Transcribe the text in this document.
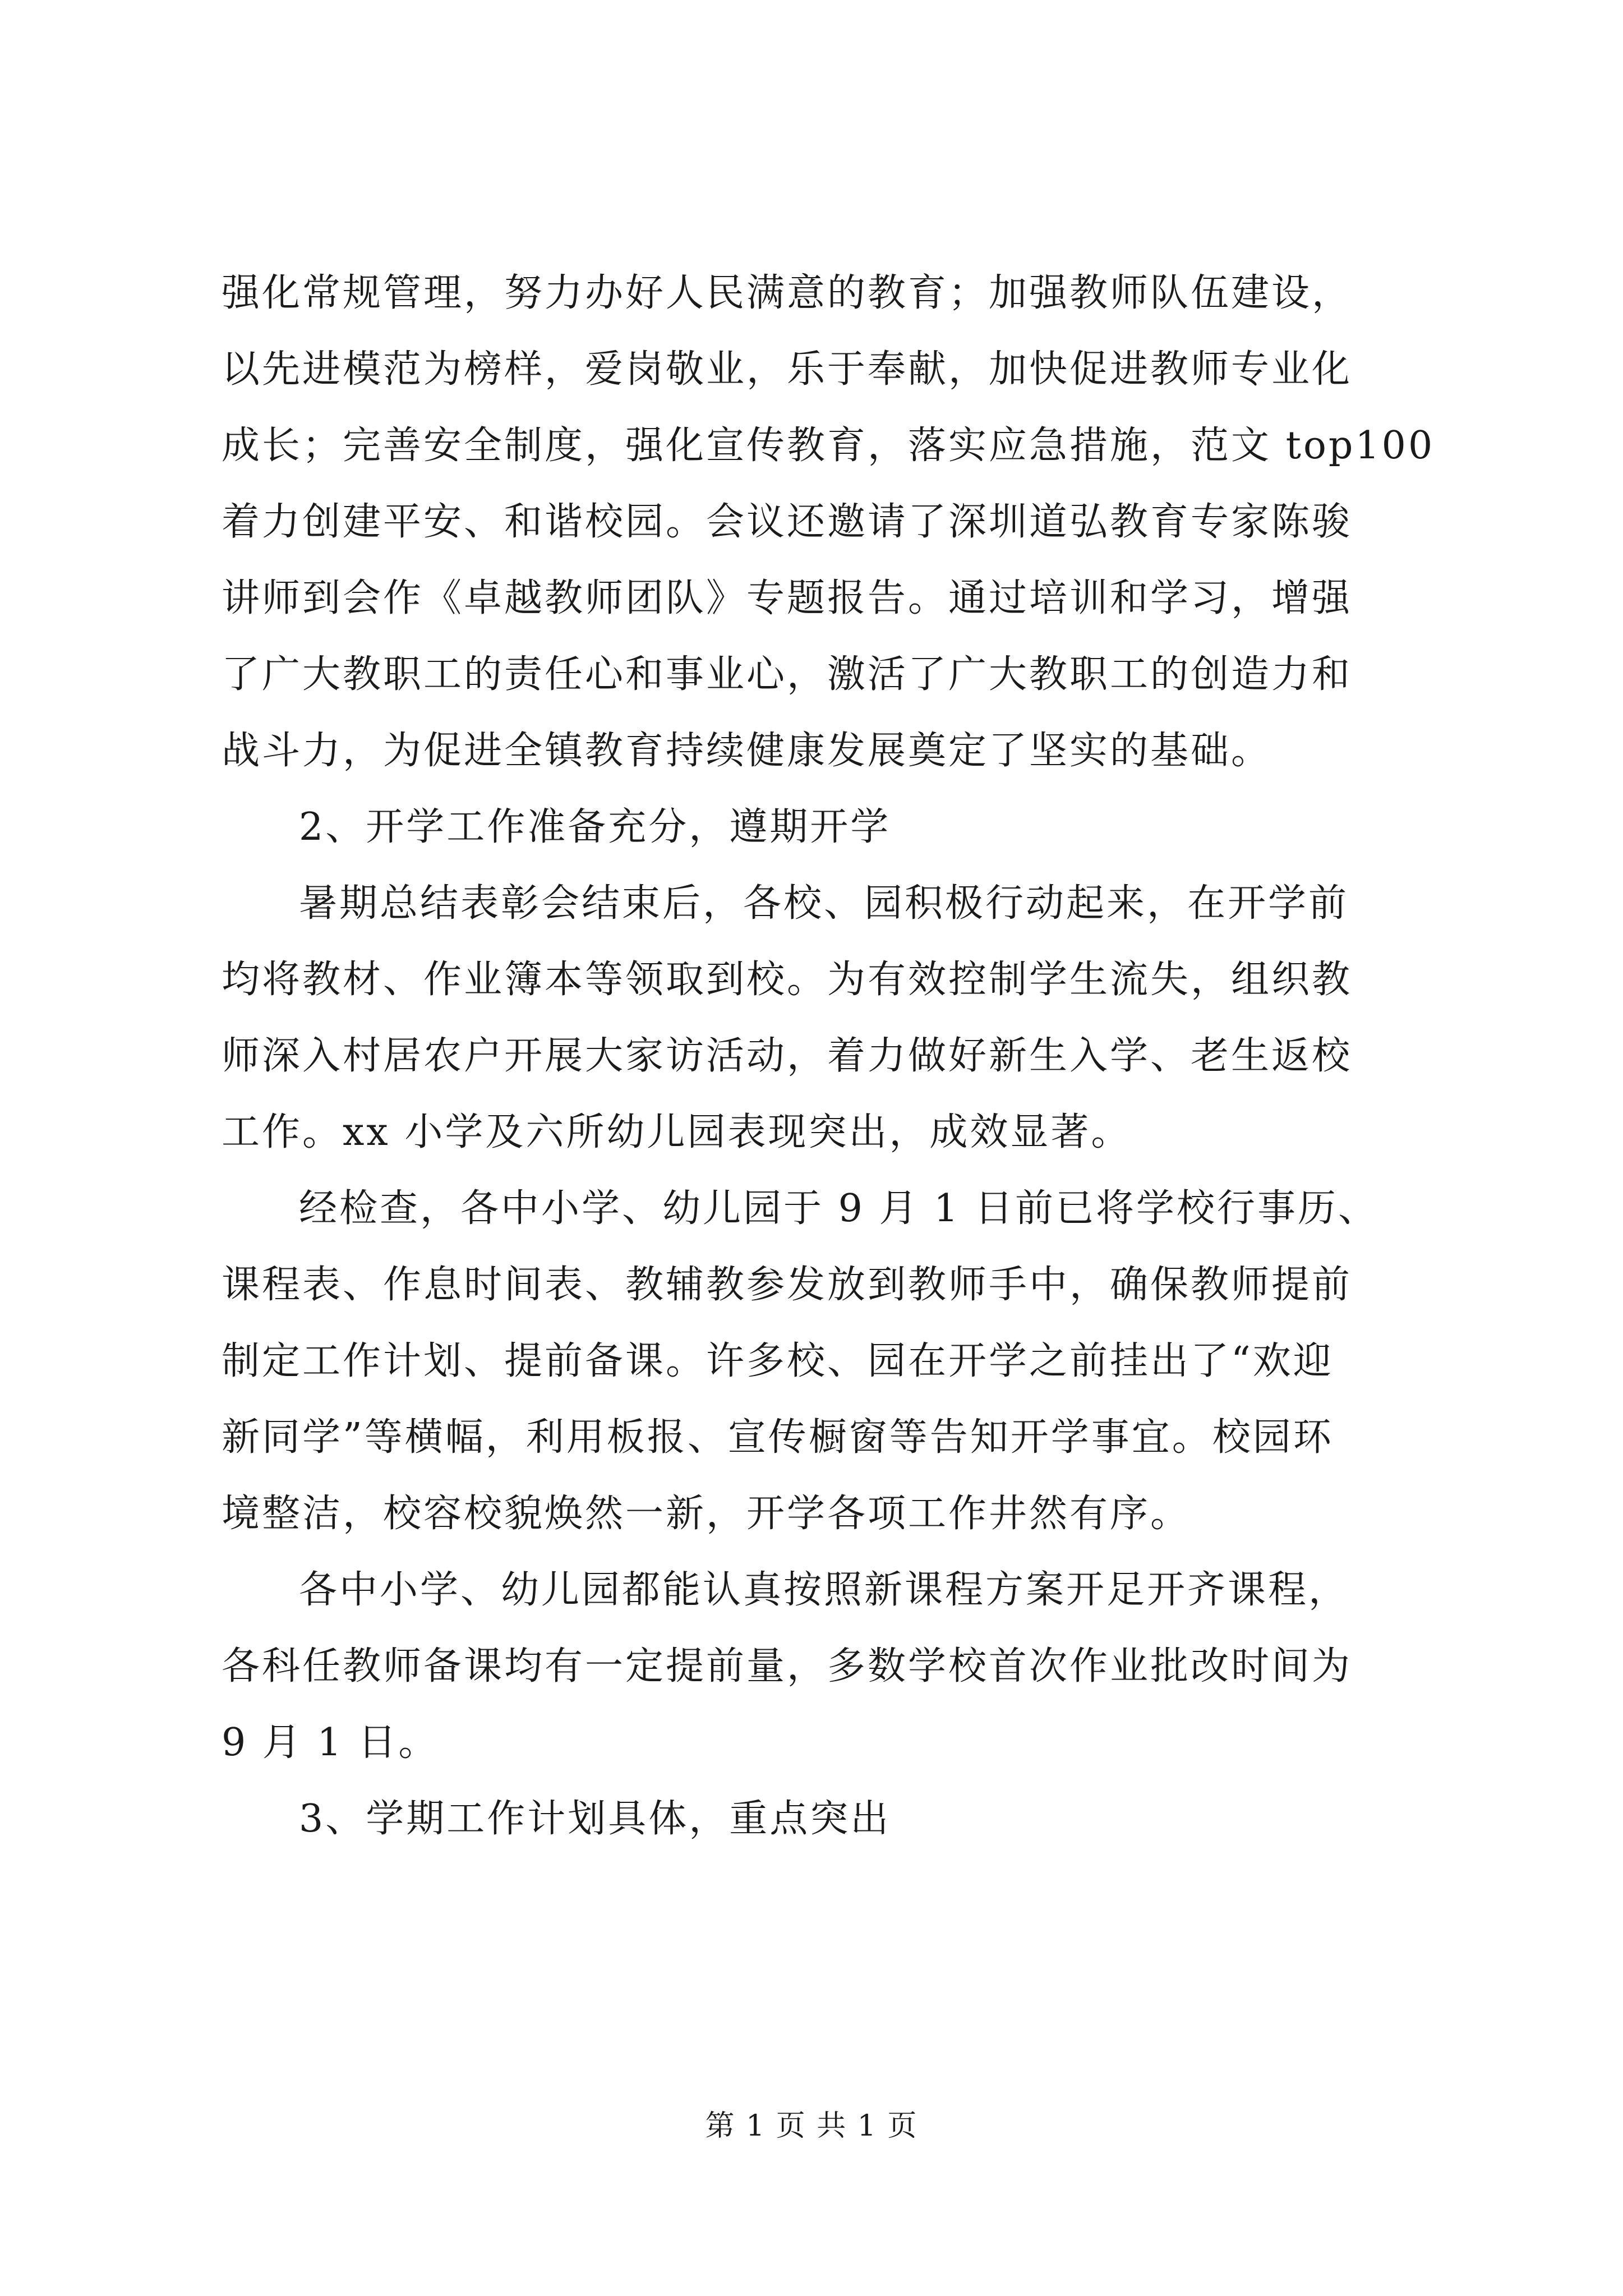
强化常规管理，努力办好人民满意的教育；加强教师队伍建设，
以先进模范为榜样，爱岗敬业，乐于奉献，加快促进教师专业化
成长；完善安全制度，强化宣传教育，落实应急措施，范文 top100
着力创建平安、和谐校园。会议还邀请了深圳道弘教育专家陈骏
讲师到会作《卓越教师团队》专题报告。通过培训和学习，增强
了广大教职工的责任心和事业心，激活了广大教职工的创造力和
战斗力，为促进全镇教育持续健康发展奠定了坚实的基础。
2、开学工作准备充分，遵期开学
暑期总结表彰会结束后，各校、园积极行动起来，在开学前
均将教材、作业簿本等领取到校。为有效控制学生流失，组织教
师深入村居农户开展大家访活动，着力做好新生入学、老生返校
工作。xx 小学及六所幼儿园表现突出，成效显著。
经检查，各中小学、幼儿园于 9 月 1 日前已将学校行事历、
课程表、作息时间表、教辅教参发放到教师手中，确保教师提前
制定工作计划、提前备课。许多校、园在开学之前挂出了“欢迎
新同学”等横幅，利用板报、宣传橱窗等告知开学事宜。校园环
境整洁，校容校貌焕然一新，开学各项工作井然有序。
各中小学、幼儿园都能认真按照新课程方案开足开齐课程，
各科任教师备课均有一定提前量，多数学校首次作业批改时间为
9 月 1 日。
3、学期工作计划具体，重点突出
第 1 页 共 1 页
